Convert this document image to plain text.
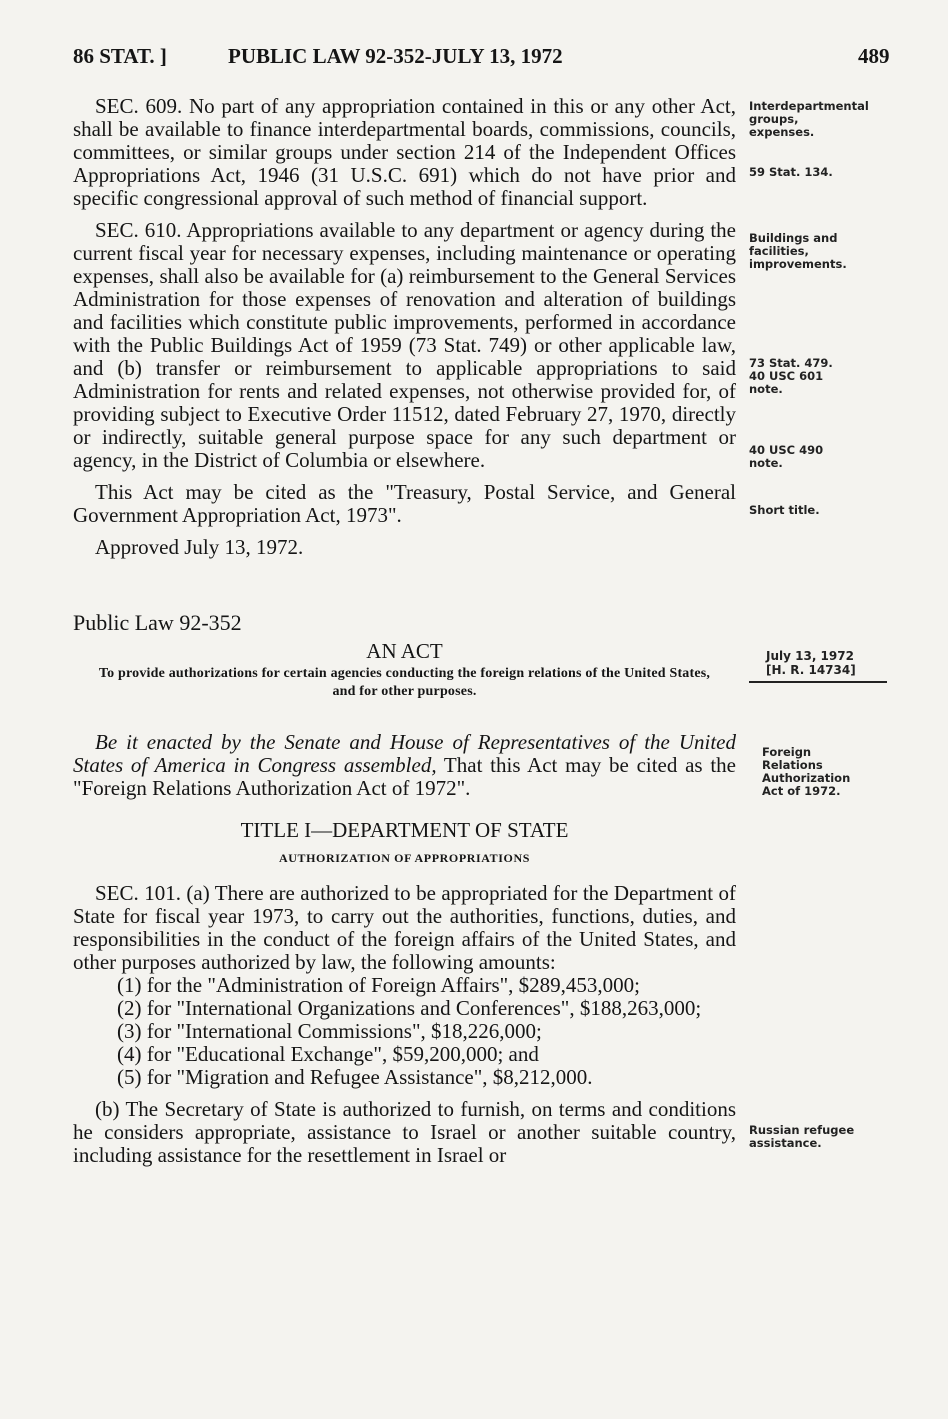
86 STAT. ]	PUBLIC LAW 92-352-JULY 13, 1972	489

SEC. 609. No part of any appropriation contained in this or any other Act, shall be available to finance interdepartmental boards, commissions, councils, committees, or similar groups under section 214 of the Independent Offices Appropriations Act, 1946 (31 U.S.C. 691) which do not have prior and specific congressional approval of such method of financial support.

SEC. 610. Appropriations available to any department or agency during the current fiscal year for necessary expenses, including maintenance or operating expenses, shall also be available for (a) reimbursement to the General Services Administration for those expenses of renovation and alteration of buildings and facilities which constitute public improvements, performed in accordance with the Public Buildings Act of 1959 (73 Stat. 749) or other applicable law, and (b) transfer or reimbursement to applicable appropriations to said Administration for rents and related expenses, not otherwise provided for, of providing subject to Executive Order 11512, dated February 27, 1970, directly or indirectly, suitable general purpose space for any such department or agency, in the District of Columbia or elsewhere.

This Act may be cited as the "Treasury, Postal Service, and General Government Appropriation Act, 1973".

Approved July 13, 1972.

Public Law 92-352

AN ACT

To provide authorizations for certain agencies conducting the foreign relations of the United States, and for other purposes.

Be it enacted by the Senate and House of Representatives of the United States of America in Congress assembled, That this Act may be cited as the "Foreign Relations Authorization Act of 1972".

TITLE I—DEPARTMENT OF STATE

AUTHORIZATION OF APPROPRIATIONS

SEC. 101. (a) There are authorized to be appropriated for the Department of State for fiscal year 1973, to carry out the authorities, functions, duties, and responsibilities in the conduct of the foreign affairs of the United States, and other purposes authorized by law, the following amounts:

(1) for the "Administration of Foreign Affairs", $289,453,000;

(2) for "International Organizations and Conferences", $188,263,000;

(3) for "International Commissions", $18,226,000;

(4) for "Educational Exchange", $59,200,000; and

(5) for "Migration and Refugee Assistance", $8,212,000.

(b) The Secretary of State is authorized to furnish, on terms and conditions he considers appropriate, assistance to Israel or another suitable country, including assistance for the resettlement in Israel or

Interdepartmental groups, expenses.
59 Stat. 134.
Buildings and facilities, improvements.
73 Stat. 479.
40 USC 601 note.
40 USC 490 note.
Short title.
July 13, 1972
[H. R. 14734]
Foreign Relations Authorization Act of 1972.
Russian refugee assistance.
